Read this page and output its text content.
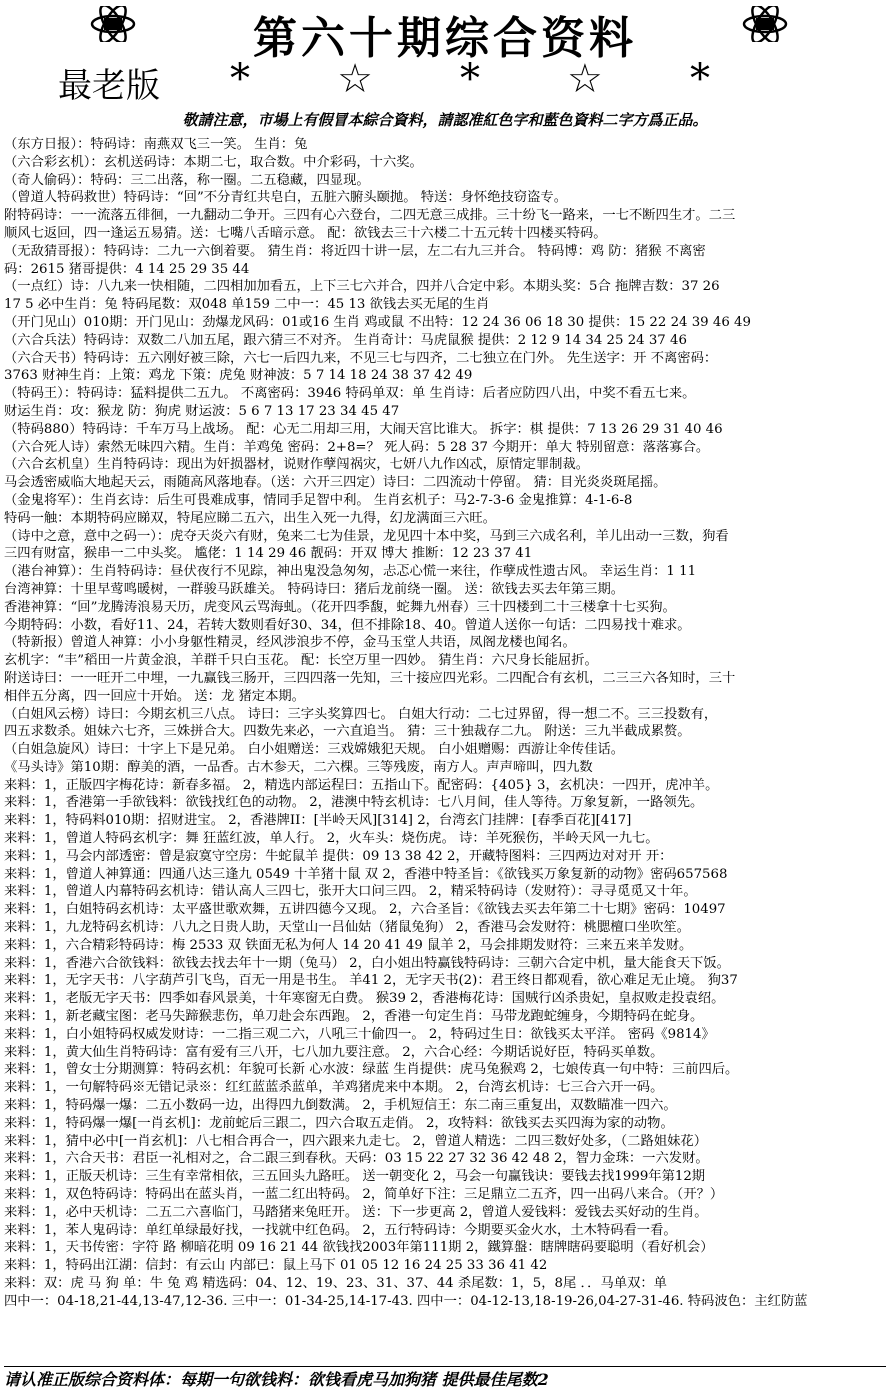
第六十期综合资料
最老版 * ☆ * ☆ *
敬請注意，市場上有假冒本綜合資料，請認准紅色字和藍色資料二字方爲正品。
（东方日报）：特码诗：南燕双飞三一笑。 生肖：兔
（六合彩玄机）：玄机送码诗：本期二七，取合数。中介彩码，十六奖。
（奇人偷码）：特码：三二出落，称一圈。二五稳藏，四显现。
（曾道人特码救世）特码诗：“回”不分青红共皂白，五脏六腑头颐抛。 特送：身怀绝技窃盗专。
附特码诗：一一流落五徘徊，一九翻动二争开。三四有心六登台，二四无意三成排。三十纷飞一路来，一七不断四生才。二三
顺风七返回，四一逢运五易猜。送：七嘴八舌暗示意。 配：欲钱去三十六楼二十五元转十四楼买特码。
（无敌猜哥报）：特码诗：二九一六倒着要。 猜生肖：将近四十讲一层，左二右九三并合。 特码博：鸡 防：猪猴 不离密
码：2615 猪哥提供：4 14 25 29 35 44
（一点红）诗：八九来一快相随，二四相加加看五，上下三七六并合，四并八合定中彩。本期头奖：5合 拖牌吉数：37 26
17 5 必中生肖：兔 特码尾数：双048 单159 二中一：45 13 欲钱去买无尾的生肖
（开门见山）010期：开门见山：劲爆龙风码：01或16 生肖 鸡或鼠 不出特：12 24 36 06 18 30 提供：15 22 24 39 46 49
（六合兵法）特码诗：双数二八加五尾，跟六猜三不对齐。 生肖奇计：马虎鼠猴 提供：2 12 9 14 34 25 24 37 46
（六合天书）特码诗：五六刚好被三除，六七一后四九来，不见三七与四齐，二七独立在门外。 先生送字：开 不离密码：
3763 财神生肖：上策：鸡龙 下策：虎兔 财神波：5 7 14 18 24 38 37 42 49
（特码王）：特码诗：猛料提供二五九。 不离密码：3946 特码单双：单 生肖诗：后者应防四八出，中奖不看五七来。
财运生肖：攻：猴龙 防：狗虎 财运波：5 6 7 13 17 23 34 45 47
（特码880）特码诗：千车万马上战场。 配：心无二用却三用，大闹天宫比谁大。 拆字：棋 提供：7 13 26 29 31 40 46
（六合死人诗）索然无味四六精。生肖：羊鸡兔 密码：2+8=？ 死人码：5 28 37 今期开：单大 特别留意：落落寡合。
（六合玄机皇）生肖特码诗：现出为奸损器材，说财作孽闯祸灾，七妍八九作凶忒，原情定罪制裁。
马会透密威临大地起天云，雨随高风落地春。（送：六开三四定）诗曰：二四流动十停留。 猜：目光炎炎斑尾摇。
（金鬼将军）：生肖玄诗：后生可畏难成事，情同手足智中利。 生肖玄机子：马2-7-3-6 金鬼推算：4-1-6-8
特码一触：本期特码应睇双，特尾应睇二五六，出生入死一九得，幻龙满面三六旺。
（诗中之意，意中之码一）：虎夺天炎六有财，兔来二七为佳景，龙见四十本中奖，马到三六成名利，羊儿出动一三数，狗看
三四有财富，猴串一二中头奖。 尴佬：1 14 29 46 靓码：开双 博大 推断：12 23 37 41
（港台神算）：生肖特码诗：昼伏夜行不见踪，神出鬼没急匆匆，忐忑心慌一来往，作孽成性遗古风。 幸运生肖：1 11
台湾神算：十里早莺鸣暖树，一群骏马跃雄关。 特码诗曰：猪后龙前绕一圈。 送：欲钱去买去年第三期。
香港神算：“回”龙腾涛浪易天历，虎变风云骂海虬。（花开四季馥，蛇舞九州春）三十四楼到二十三楼拿十七买狗。
今期特码：小数，看好11、24，若转大数则看好30、34，但不排除18、40。曾道人送你一句话：二四易找十难求。
（特新报）曾道人神算：小小身躯性精灵，经风涉浪步不停，金马玉堂人共语，凤阁龙楼也闻名。
玄机字：“丰”稻田一片黄金浪，羊群千只白玉花。 配：长空万里一四妙。 猜生肖：六尺身长能屈折。
附送诗曰：一一旺开二中埋，一九赢钱三肠开，三四四落一先知，三十接应四光彩。二四配合有玄机，二三三六各知时，三十
相伴五分离，四一回应十开始。 送：龙 猪定本期。
（白姐风云榜）诗曰：今期玄机三八点。 诗曰：三字头奖算四七。 白姐大行动：二七过界留，得一想二不。三三投数有，
四五求数杀。姐妹六七齐，三姝拼合大。四数先来必，一六直追当。 猜：三十独裁存二九。 附送：三九半截成累赘。
（白姐急旋风）诗曰：十字上下是兄弟。 白小姐赠送：三戏嫦娥犯天规。 白小姐赠赐：西游让伞传佳话。
《马头诗》第10期：醇美的酒，一品香。古木参天，二六棵。三等残废，南方人。声声啼叫，四九数
来料：1，正版四字梅花诗：新春多福。 2，精选内部运程曰：五指山下。配密码：{405} 3，玄机决：一四开，虎冲羊。
来料：1，香港第一手欲钱料：欲钱找红色的动物。 2，港澳中特玄机诗：七八月间，佳人等待。万象复新，一路领先。
来料：1，特码料010期：招财进宝。 2，香港牌II：[半岭天风][314] 2，台湾玄门挂牌：[春季百花][417]
来料：1，曾道人特码玄机字：舞 狂蓝红波，单人行。 2，火车头：烧伤虎。 诗：羊死猴伤，半岭天风一九七。
来料：1，马会内部透密：曾是寂寞守空房：牛蛇鼠羊 提供：09 13 38 42 2，开藏特图料：三四两边对对开 开：
来料：1，曾道人神算通：四通八达三逢九 0549 十羊猪十鼠 双 2，香港中特圣旨：《欲钱买万象复新的动物》密码657568
来料：1，曾道人内幕特码玄机诗：错认高人三四七，张开大口问三四。 2，精采特码诗（发财符）：寻寻觅觅又十年。
来料：1，白姐特码玄机诗：太平盛世歌欢舞，五讲四德今又现。 2，六合圣旨：《欲钱去买去年第二十七期》密码：10497
来料：1，九龙特码玄机诗：八九之日贵人助，天堂山一吕仙姑（猪鼠兔狗） 2，香港马会发财符：桃腮檀口坐吹笙。
来料：1，六合精彩特码诗：梅 2533 双 铁面无私为何人 14 20 41 49 鼠羊 2，马会排期发财符：三来五来羊发财。
来料：1，香港六合欲钱料：欲钱去找去年十一期（兔马） 2，白小姐出特赢钱特码诗：三朝六合定中机，量大能食天下饭。
来料：1，无字天书：八字葫芦引飞鸟，百无一用是书生。 羊41 2，无字天书(2)：君王终日都观看，欲心难足无止境。 狗37
来料：1，老版无字天书：四季如春风景美，十年寒窗无白费。 猴39 2，香港梅花诗：国贼行凶杀贵妃，皇叔败走投袁绍。
来料：1，新老藏宝图：老马失蹄猴悲伤，单刀赴会东西跑。 2，香港一句定生肖：马带龙跑蛇缠身，今期特码在蛇身。
来料：1，白小姐特码权威发财诗：一二指三观二六，八吼三十偷四一。 2，特码过生日：欲钱买太平洋。 密码《9814》
来料：1，黄大仙生肖特码诗：富有爱有三八开，七八加九要注意。 2，六合心经：今期话说好臣，特码买单数。
来料：1，曾女士分期测算：特码玄机：年貌可长新 心水波：绿蓝 生肖提供：虎马兔猴鸡 2，七娘传真一句中特：三前四后。
来料：1，一句解特码※无错记录※：红红蓝蓝杀蓝单，羊鸡猪虎来中本期。 2，台湾玄机诗：七三合六开一码。
来料：1，特码爆一爆：二五小数码一边，出得四九倒数满。 2，手机短信王：东二南三重复出，双数瞄准一四六。
来料：1，特码爆一爆[一肖玄机]：龙前蛇后三跟二，四六合取五走俏。 2，攻特料：欲钱买去买四海为家的动物。
来料：1，猜中必中[一肖玄机]：八七相合再合一，四六跟来九走七。 2，曾道人精选：二四三数好处多，（二路姐妹花）
来料：1，六合天书：君臣一礼相对之，合二跟三到春秋。天码：03 15 22 27 32 36 42 48 2，智力金珠：一六发财。
来料：1，正版天机诗：三生有幸常相依，三五回头九路旺。 送一朝变化 2，马会一句赢钱诀：要钱去找1999年第12期
来料：1，双色特码诗：特码出在蓝头肖，一蓝二红出特码。 2，简单好下注：三足鼎立二五齐，四一出码八来合。（开？）
来料：1，必中天机诗：二五二六喜临门，马踏猪来兔旺开。 送：下一步更高 2，曾道人爱钱料：爱钱去买好动的生肖。
来料：1，苯人鬼码诗：单红单绿最好找，一找就中红色码。 2，五行特码诗：今期要买金火水，土木特码看一看。
来料：1，天书传密：字符 路 柳暗花明 09 16 21 44 欲钱找2003年第111期 2，鐵算盤：瞎牌瞎码要聪明（看好机会）
来料：1，特码出江湖：信封：有云山 内部已：鼠上马下 01 05 12 16 24 25 33 36 41 42
来料：双：虎 马 狗 单：牛 兔 鸡 精选码：04、12、19、23、31、37、44 杀尾数：1，5，8尾 ．．马单双：单
四中一：04-18,21-44,13-47,12-36. 三中一：01-34-25,14-17-43. 四中一：04-12-13,18-19-26,04-27-31-46. 特码波色：主红防蓝
请认准正版综合资料体：每期一句欲钱料：欲钱看虎马加狗猪 提供最佳尾数2
